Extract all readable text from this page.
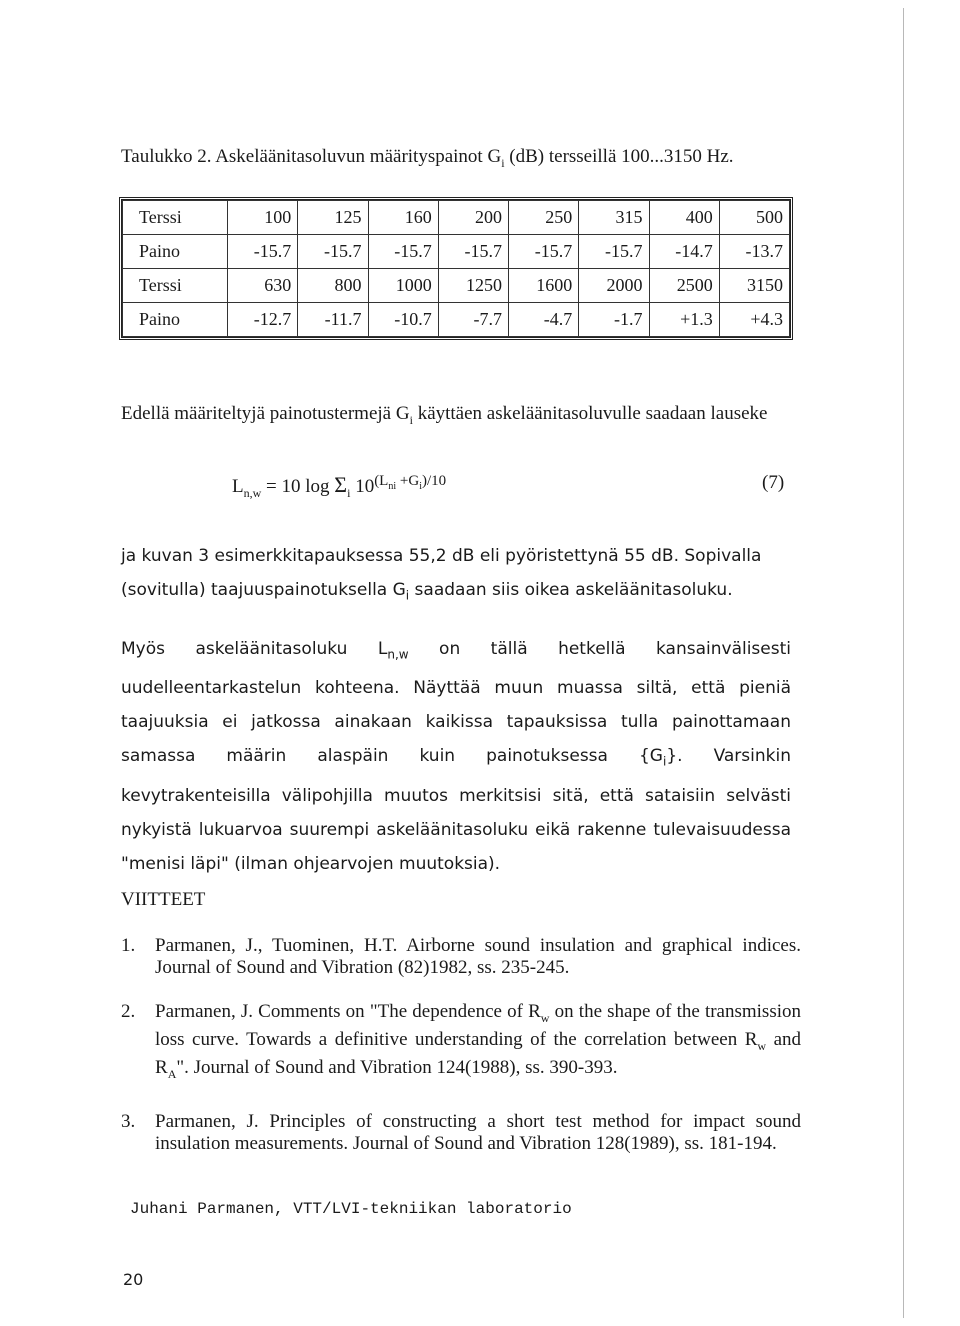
Taulukko 2. Askeläänitasoluvun määrityspainot $G_i$ (dB) tersseillä 100...3150 Hz.
Terssi	100	125	160	200	250	315	400	500
Paino	-15.7	-15.7	-15.7	-15.7	-15.7	-15.7	-14.7	-13.7
Terssi	630	800	1000	1250	1600	2000	2500	3150
Paino	-12.7	-11.7	-10.7	-7.7	-4.7	-1.7	+1.3	+4.3
Edellä määriteltyjä painotustermejä $G_i$ käyttäen askeläänitasoluvulle saadaan lauseke
$L_{n,w} = 10$ $\log \Sigma_i$ $10^{(L_{ni} +G_i)/10}$	(7)
ja kuvan 3 esimerkkitapauksessa 55,2 dB eli pyöristettynä 55 dB. Sopivalla (sovitulla) taajuuspainotuksella $G_i$ saadaan siis oikea askeläänitasoluku.
Myös askeläänitasoluku $L_{n,w}$ on tällä hetkellä kansainvälisesti uudelleentarkastelun kohteena. Näyttää muun muassa siltä, että pieniä taajuuksia ei jatkossa ainakaan kaikissa tapauksissa tulla painottamaan samassa määrin alaspäin kuin painotuksessa $\{G_i\}$. Varsinkin kevytrakenteisilla välipohjilla muutos merkitsisi sitä, että sataisiin selvästi nykyistä lukuarvoa suurempi askeläänitasoluku eikä rakenne tulevaisuudessa "menisi läpi" (ilman ohjearvojen muutoksia).
VIITTEET
1. Parmanen, J., Tuominen, H.T. Airborne sound insulation and graphical indices. Journal of Sound and Vibration (82)1982, ss. 235-245.
2. Parmanen, J. Comments on "The dependence of $R_w$ on the shape of the transmission loss curve. Towards a definitive understanding of the correlation between $R_w$ and $R_A$". Journal of Sound and Vibration 124(1988), ss. 390-393.
3. Parmanen, J. Principles of constructing a short test method for impact sound insulation measurements. Journal of Sound and Vibration 128(1989), ss. 181-194.
Juhani Parmanen, VTT/LVI-tekniikan laboratorio
20
